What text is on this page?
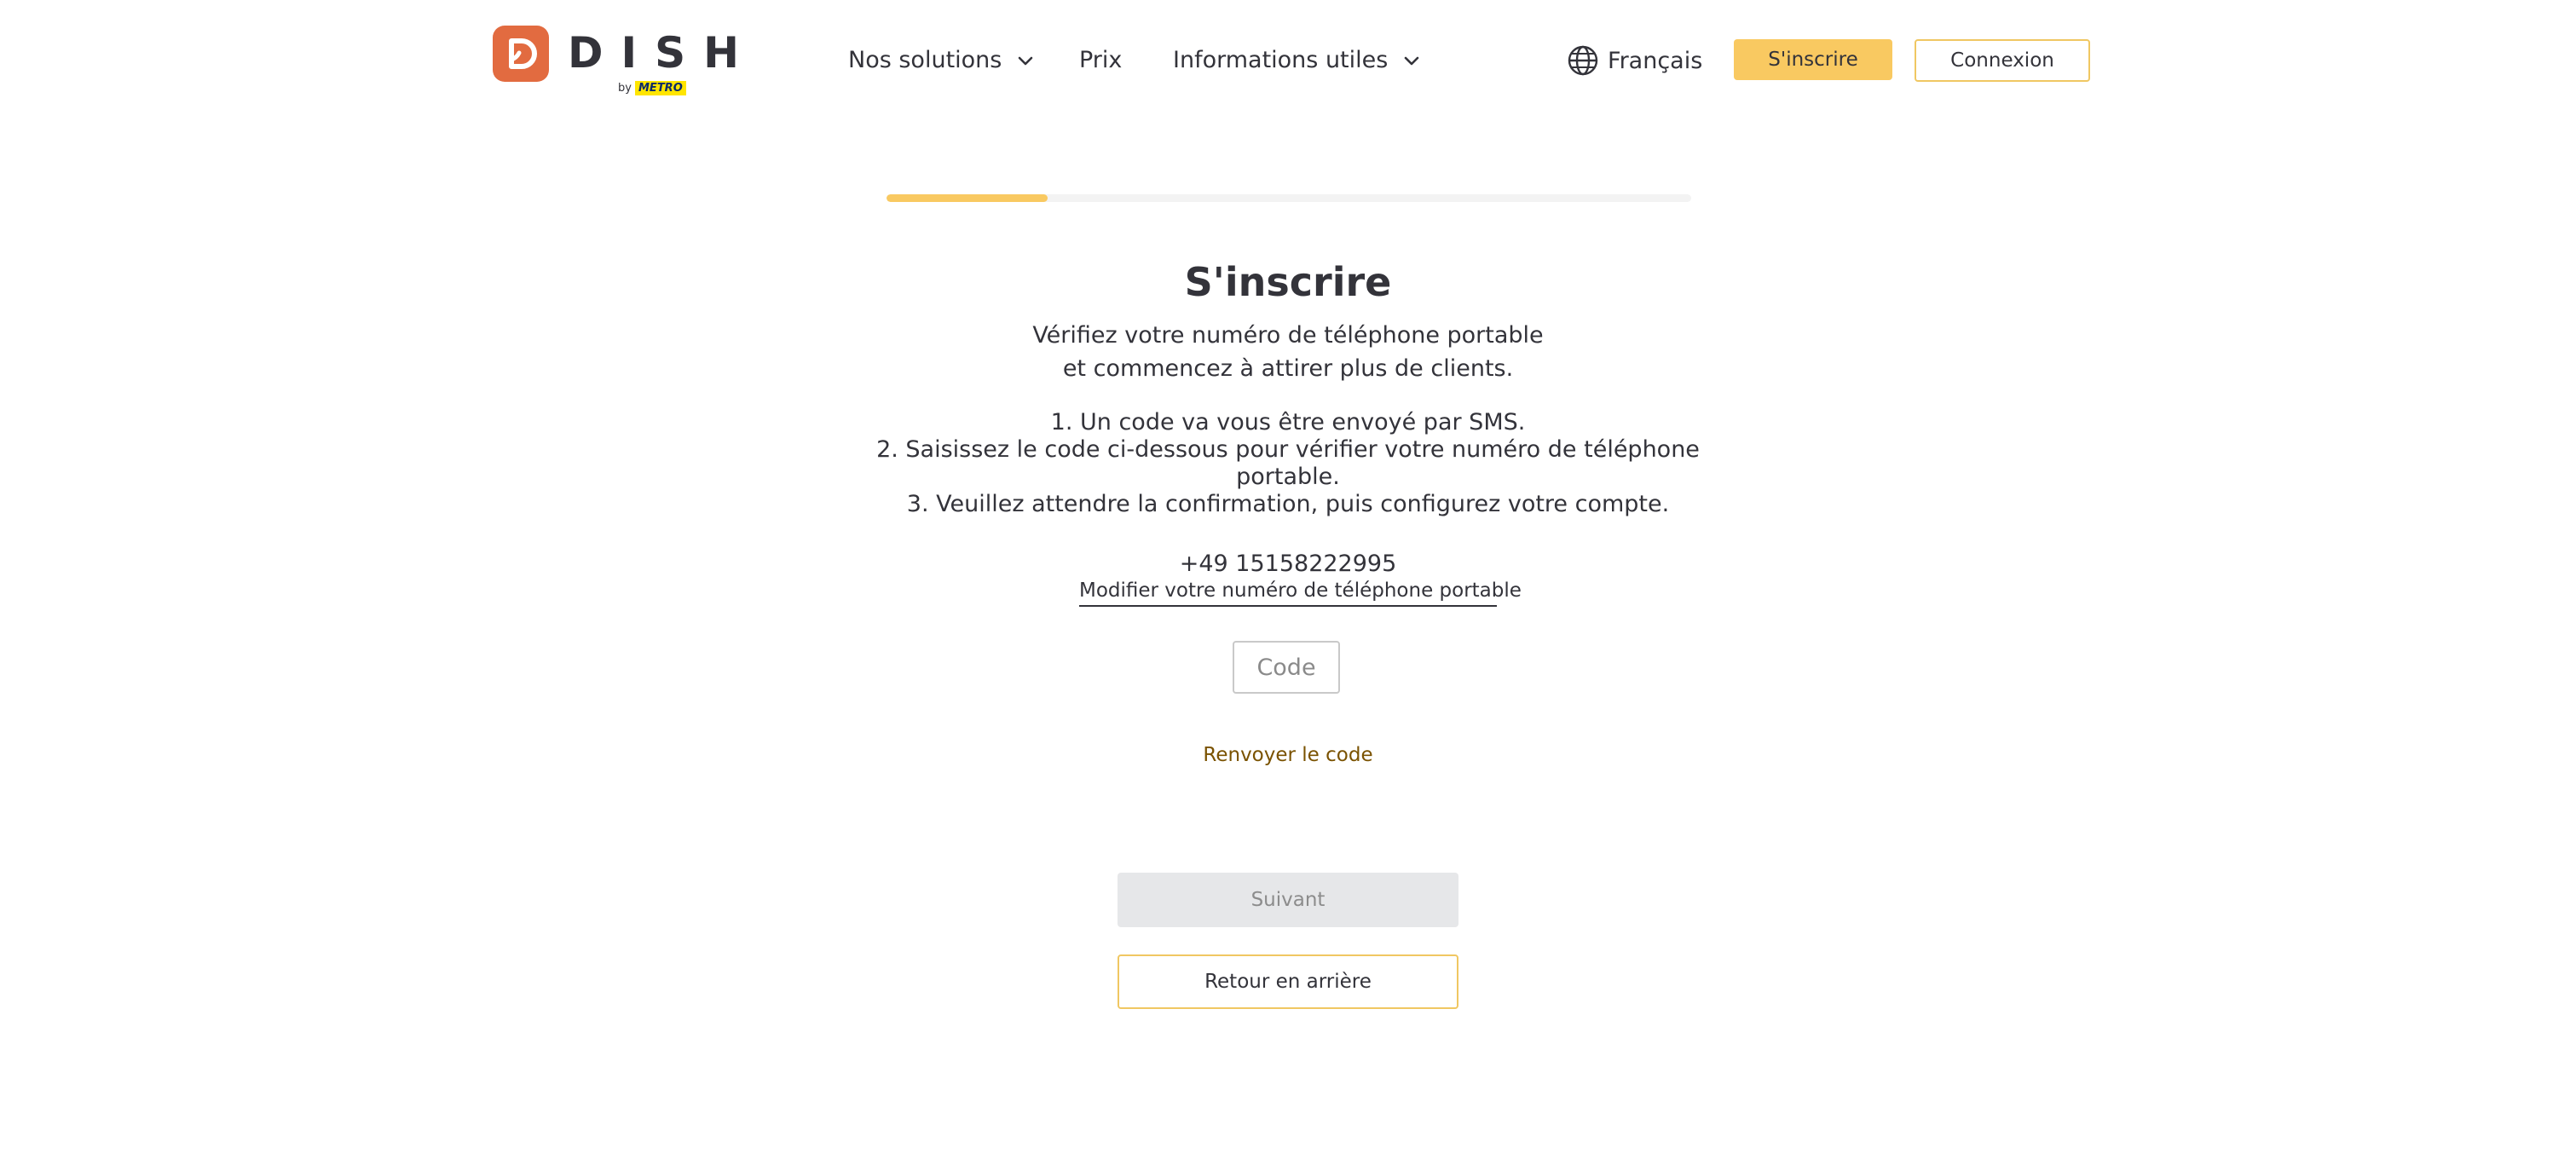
DISH
by METRO
Nos solutions	Prix Informations utiles	Français	S'inscrire	Connexion
S'inscrire
Vérifiez votre numéro de téléphone portable
et commencez à attirer plus de clients.
1. Un code va vous être envoyé par SMS.
2. Saisissez le code ci-dessous pour vérifier votre numéro de téléphone
portable.
3. Veuillez attendre la confirmation, puis configurez votre compte.
+49 15158222995
Modifier votre numéro de téléphone portable
Code
Renvoyer le code
Suivant
Retour en arrière
